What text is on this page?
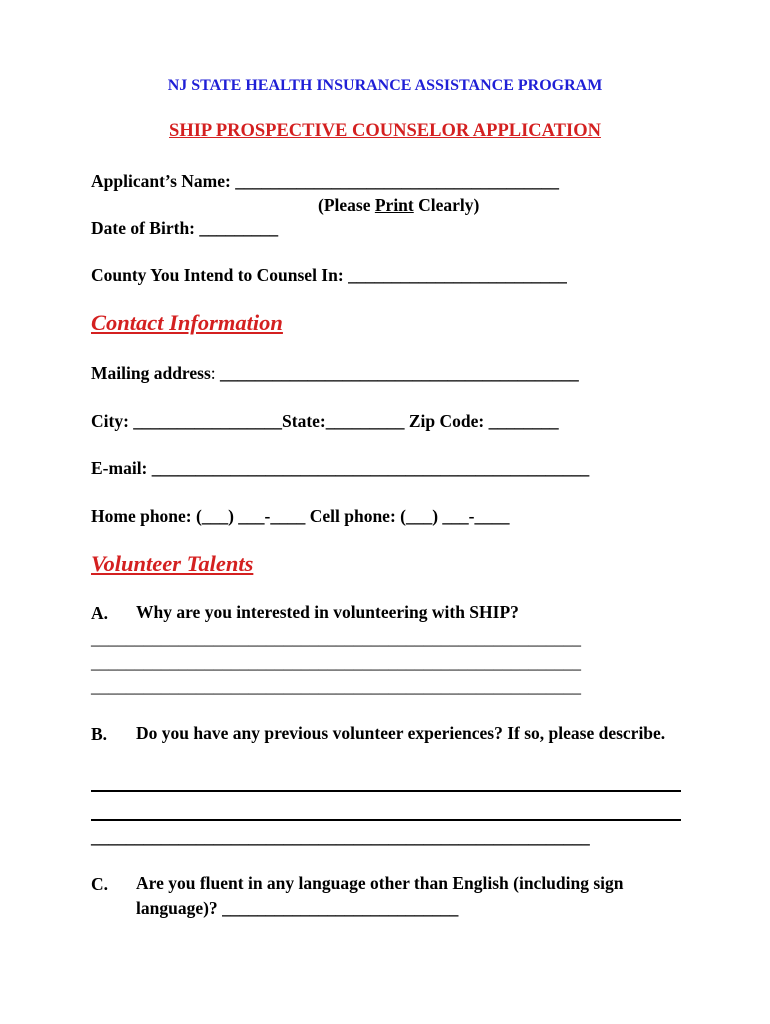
NJ STATE HEALTH INSURANCE ASSISTANCE PROGRAM
SHIP PROSPECTIVE COUNSELOR APPLICATION
Applicant’s Name: _____________________________________
(Please Print Clearly)
Date of Birth: _________
County You Intend to Counsel In: _________________________
Contact Information
Mailing address: _________________________________________
City: _________________State:_________ Zip Code: ________
E-mail: __________________________________________________
Home phone: (___) ___-____ Cell phone: (___) ___-____
Volunteer Talents
A. Why are you interested in volunteering with SHIP?
________________________________________________________
________________________________________________________
________________________________________________________
B. Do you have any previous volunteer experiences? If so, please describe.
_________________________________________________________
C. Are you fluent in any language other than English (including sign language)? ___________________________
